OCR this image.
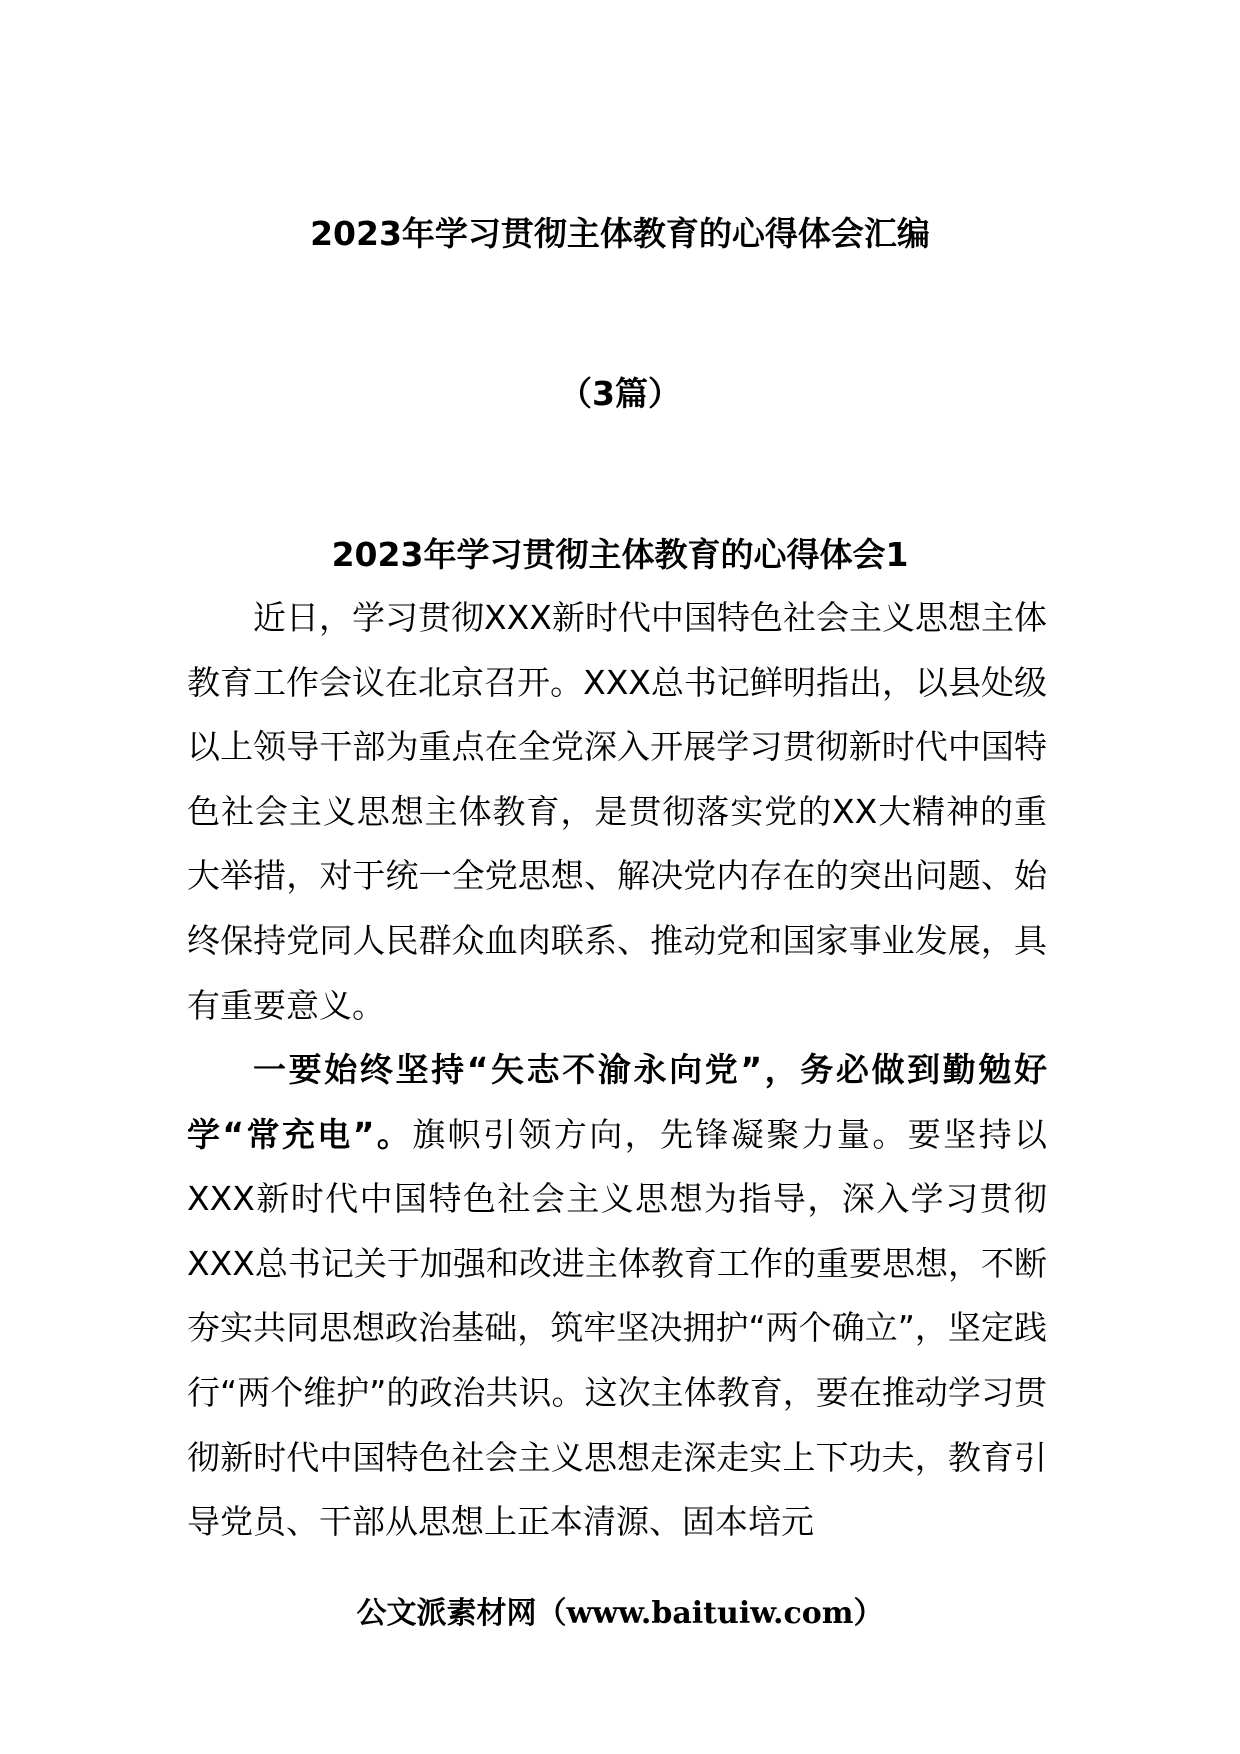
2023年学习贯彻主体教育的心得体会汇编
（3篇）
2023年学习贯彻主体教育的心得体会1

近日，学习贯彻XXX新时代中国特色社会主义思想主体教育工作会议在北京召开。XXX总书记鲜明指出，以县处级以上领导干部为重点在全党深入开展学习贯彻新时代中国特色社会主义思想主体教育，是贯彻落实党的XX大精神的重大举措，对于统一全党思想、解决党内存在的突出问题、始终保持党同人民群众血肉联系、推动党和国家事业发展，具有重要意义。

一要始终坚持“矢志不渝永向党”，务必做到勤勉好学“常充电”。旗帜引领方向，先锋凝聚力量。要坚持以XXX新时代中国特色社会主义思想为指导，深入学习贯彻XXX总书记关于加强和改进主体教育工作的重要思想，不断夯实共同思想政治基础，筑牢坚决拥护“两个确立”，坚定践行“两个维护”的政治共识。这次主体教育，要在推动学习贯彻新时代中国特色社会主义思想走深走实上下功夫，教育引导党员、干部从思想上正本清源、固本培元

公文派素材网（www.baituiw.com）
